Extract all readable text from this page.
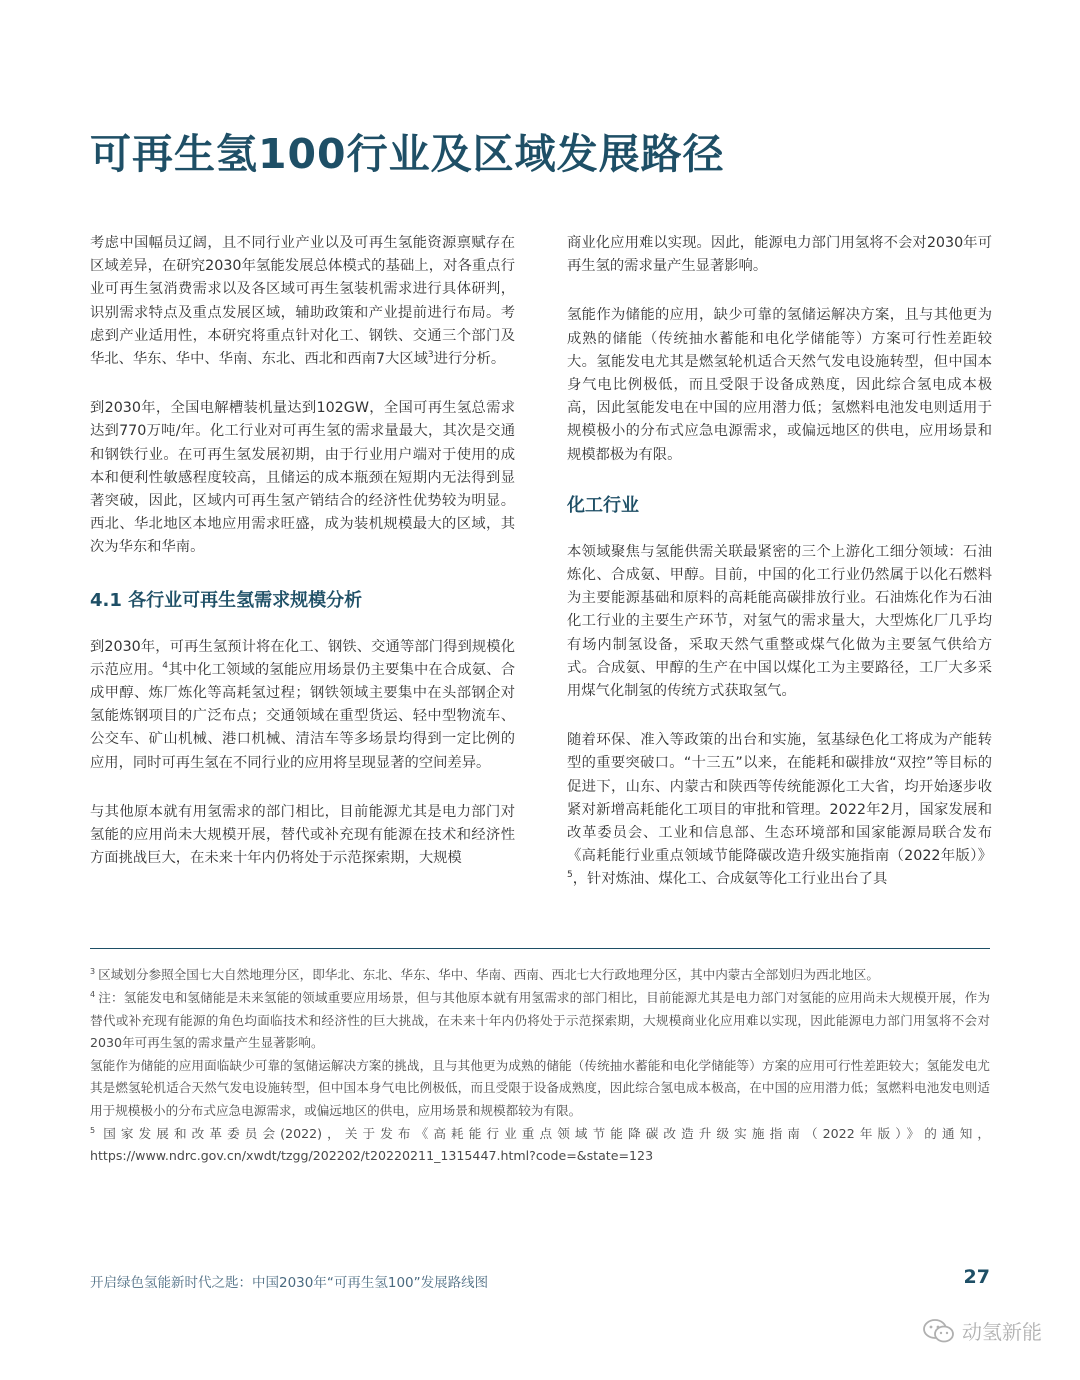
可再生氢100行业及区域发展路径

考虑中国幅员辽阔，且不同行业产业以及可再生氢能资源禀赋存在区域差异，在研究2030年氢能发展总体模式的基础上，对各重点行业可再生氢消费需求以及各区域可再生氢装机需求进行具体研判，识别需求特点及重点发展区域，辅助政策和产业提前进行布局。考虑到产业适用性，本研究将重点针对化工、钢铁、交通三个部门及华北、华东、华中、华南、东北、西北和西南7大区域$^3$进行分析。

到2030年，全国电解槽装机量达到102GW，全国可再生氢总需求达到770万吨/年。化工行业对可再生氢的需求量最大，其次是交通和钢铁行业。在可再生氢发展初期，由于行业用户端对于使用的成本和便利性敏感程度较高，且储运的成本瓶颈在短期内无法得到显著突破，因此，区域内可再生氢产销结合的经济性优势较为明显。西北、华北地区本地应用需求旺盛，成为装机规模最大的区域，其次为华东和华南。

4.1 各行业可再生氢需求规模分析

到2030年，可再生氢预计将在化工、钢铁、交通等部门得到规模化示范应用。$^4$其中化工领域的氢能应用场景仍主要集中在合成氨、合成甲醇、炼厂炼化等高耗氢过程；钢铁领域主要集中在头部钢企对氢能炼钢项目的广泛布点；交通领域在重型货运、轻中型物流车、公交车、矿山机械、港口机械、清洁车等多场景均得到一定比例的应用，同时可再生氢在不同行业的应用将呈现显著的空间差异。

与其他原本就有用氢需求的部门相比，目前能源尤其是电力部门对氢能的应用尚未大规模开展，替代或补充现有能源在技术和经济性方面挑战巨大，在未来十年内仍将处于示范探索期，大规模

商业化应用难以实现。因此，能源电力部门用氢将不会对2030年可再生氢的需求量产生显著影响。

氢能作为储能的应用，缺少可靠的氢储运解决方案，且与其他更为成熟的储能（传统抽水蓄能和电化学储能等）方案可行性差距较大。氢能发电尤其是燃氢轮机适合天然气发电设施转型，但中国本身气电比例极低，而且受限于设备成熟度，因此综合氢电成本极高，因此氢能发电在中国的应用潜力低；氢燃料电池发电则适用于规模极小的分布式应急电源需求，或偏远地区的供电，应用场景和规模都极为有限。

化工行业

本领域聚焦与氢能供需关联最紧密的三个上游化工细分领域：石油炼化、合成氨、甲醇。目前，中国的化工行业仍然属于以化石燃料为主要能源基础和原料的高耗能高碳排放行业。石油炼化作为石油化工行业的主要生产环节，对氢气的需求量大，大型炼化厂几乎均有场内制氢设备，采取天然气重整或煤气化做为主要氢气供给方式。合成氨、甲醇的生产在中国以煤化工为主要路径，工厂大多采用煤气化制氢的传统方式获取氢气。

随着环保、准入等政策的出台和实施，氢基绿色化工将成为产能转型的重要突破口。“十三五”以来，在能耗和碳排放“双控”等目标的促进下，山东、内蒙古和陕西等传统能源化工大省，均开始逐步收紧对新增高耗能化工项目的审批和管理。2022年2月，国家发展和改革委员会、工业和信息部、生态环境部和国家能源局联合发布《高耗能行业重点领域节能降碳改造升级实施指南（2022年版）》$^5$，针对炼油、煤化工、合成氨等化工行业出台了具

$^3$ 区域划分参照全国七大自然地理分区，即华北、东北、华东、华中、华南、西南、西北七大行政地理分区，其中内蒙古全部划归为西北地区。

$^4$ 注：氢能发电和氢储能是未来氢能的领域重要应用场景，但与其他原本就有用氢需求的部门相比，目前能源尤其是电力部门对氢能的应用尚未大规模开展，作为替代或补充现有能源的角色均面临技术和经济性的巨大挑战，在未来十年内仍将处于示范探索期，大规模商业化应用难以实现，因此能源电力部门用氢将不会对2030年可再生氢的需求量产生显著影响。

氢能作为储能的应用面临缺少可靠的氢储运解决方案的挑战，且与其他更为成熟的储能（传统抽水蓄能和电化学储能等）方案的应用可行性差距较大；氢能发电尤其是燃氢轮机适合天然气发电设施转型，但中国本身气电比例极低，而且受限于设备成熟度，因此综合氢电成本极高，在中国的应用潜力低；氢燃料电池发电则适用于规模极小的分布式应急电源需求，或偏远地区的供电，应用场景和规模都较为有限。

$^5$ 国家发展和改革委员会(2022)，关于发布《高耗能行业重点领域节能降碳改造升级实施指南（2022年版）》的通知，https://www.ndrc.gov.cn/xwdt/tzgg/202202/t20220211_1315447.html?code=&state=123

开启绿色氢能新时代之匙：中国2030年“可再生氢100”发展路线图	27
动氢新能
